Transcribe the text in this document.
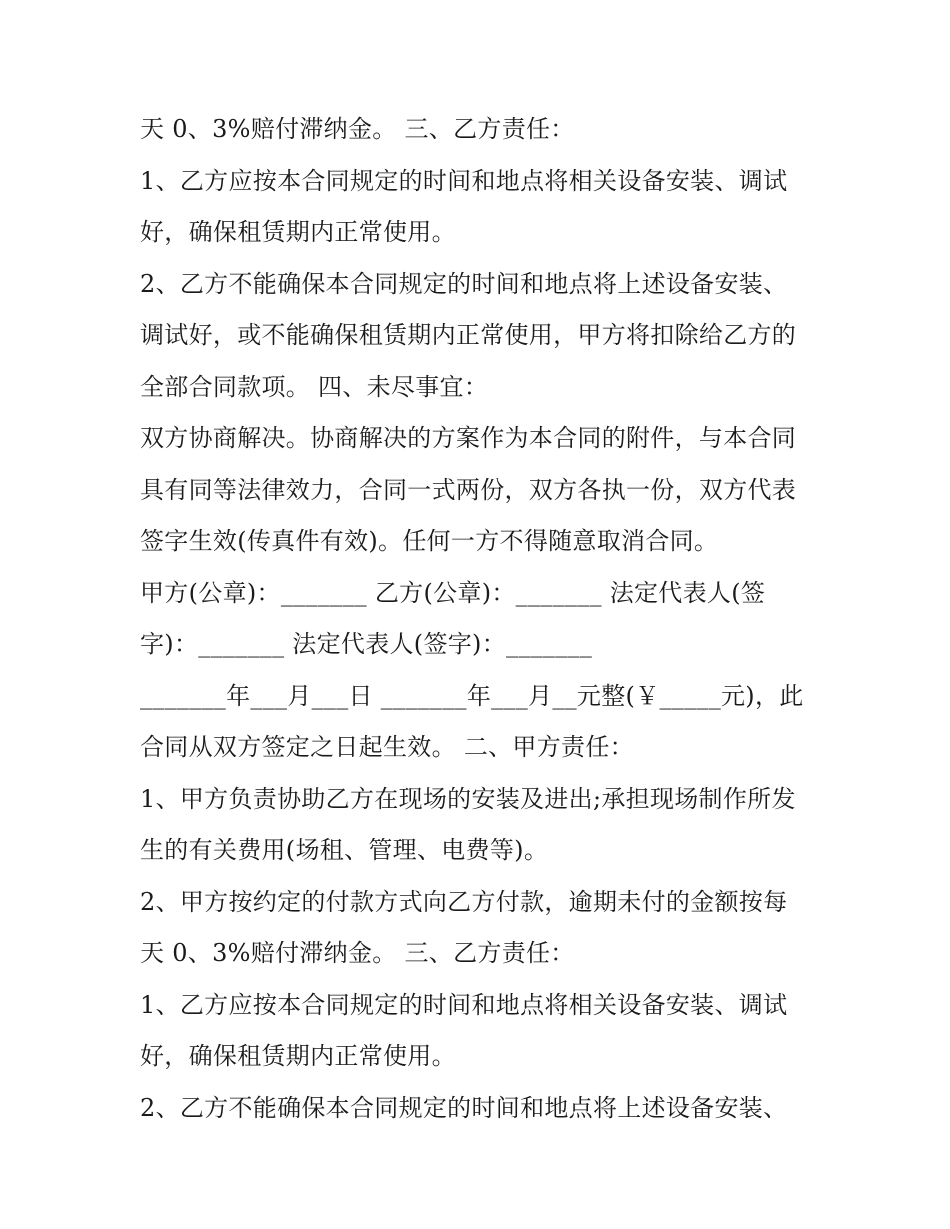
天 0、3%赔付滞纳金。 三、乙方责任：
1、乙方应按本合同规定的时间和地点将相关设备安装、调试
好，确保租赁期内正常使用。
2、乙方不能确保本合同规定的时间和地点将上述设备安装、
调试好，或不能确保租赁期内正常使用，甲方将扣除给乙方的
全部合同款项。 四、未尽事宜：
双方协商解决。协商解决的方案作为本合同的附件，与本合同
具有同等法律效力，合同一式两份，双方各执一份，双方代表
签字生效(传真件有效)。任何一方不得随意取消合同。
甲方(公章)：_______ 乙方(公章)：_______ 法定代表人(签
字)：_______ 法定代表人(签字)：_______
_______年___月___日 _______年___月__元整(￥_____元)，此
合同从双方签定之日起生效。 二、甲方责任：
1、甲方负责协助乙方在现场的安装及进出;承担现场制作所发
生的有关费用(场租、管理、电费等)。
2、甲方按约定的付款方式向乙方付款，逾期未付的金额按每
天 0、3%赔付滞纳金。 三、乙方责任：
1、乙方应按本合同规定的时间和地点将相关设备安装、调试
好，确保租赁期内正常使用。
2、乙方不能确保本合同规定的时间和地点将上述设备安装、
